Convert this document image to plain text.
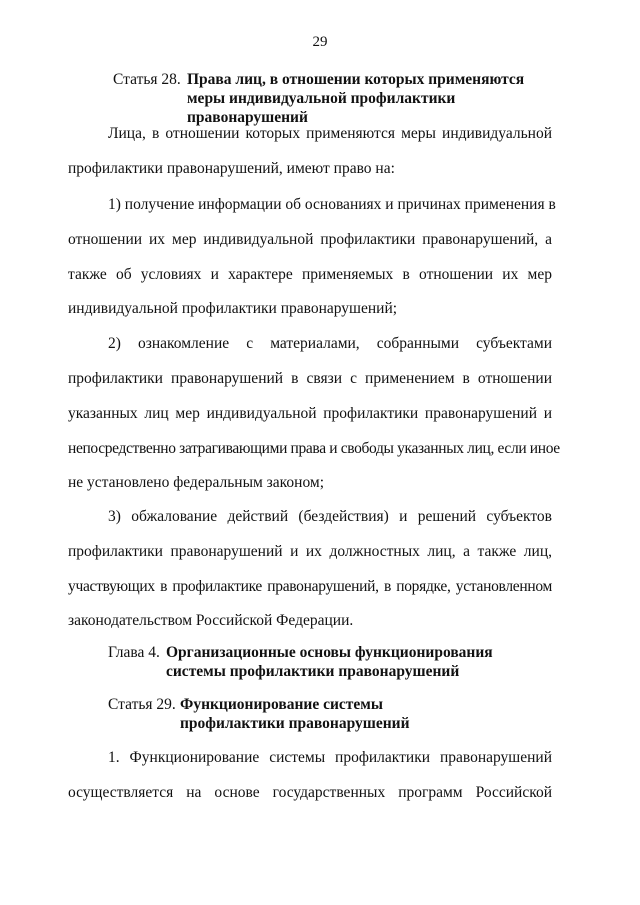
29
Статья 28. Права лиц, в отношении которых применяются меры индивидуальной профилактики правонарушений
Лица, в отношении которых применяются меры индивидуальной
профилактики правонарушений, имеют право на:
1) получение информации об основаниях и причинах применения в
отношении их мер индивидуальной профилактики правонарушений, а
также об условиях и характере применяемых в отношении их мер
индивидуальной профилактики правонарушений;
2) ознакомление с материалами, собранными субъектами
профилактики правонарушений в связи с применением в отношении
указанных лиц мер индивидуальной профилактики правонарушений и
непосредственно затрагивающими права и свободы указанных лиц, если иное
не установлено федеральным законом;
3) обжалование действий (бездействия) и решений субъектов
профилактики правонарушений и их должностных лиц, а также лиц,
участвующих в профилактике правонарушений, в порядке, установленном
законодательством Российской Федерации.
Глава 4. Организационные основы функционирования системы профилактики правонарушений
Статья 29. Функционирование системы профилактики правонарушений
1. Функционирование системы профилактики правонарушений
осуществляется на основе государственных программ Российской
